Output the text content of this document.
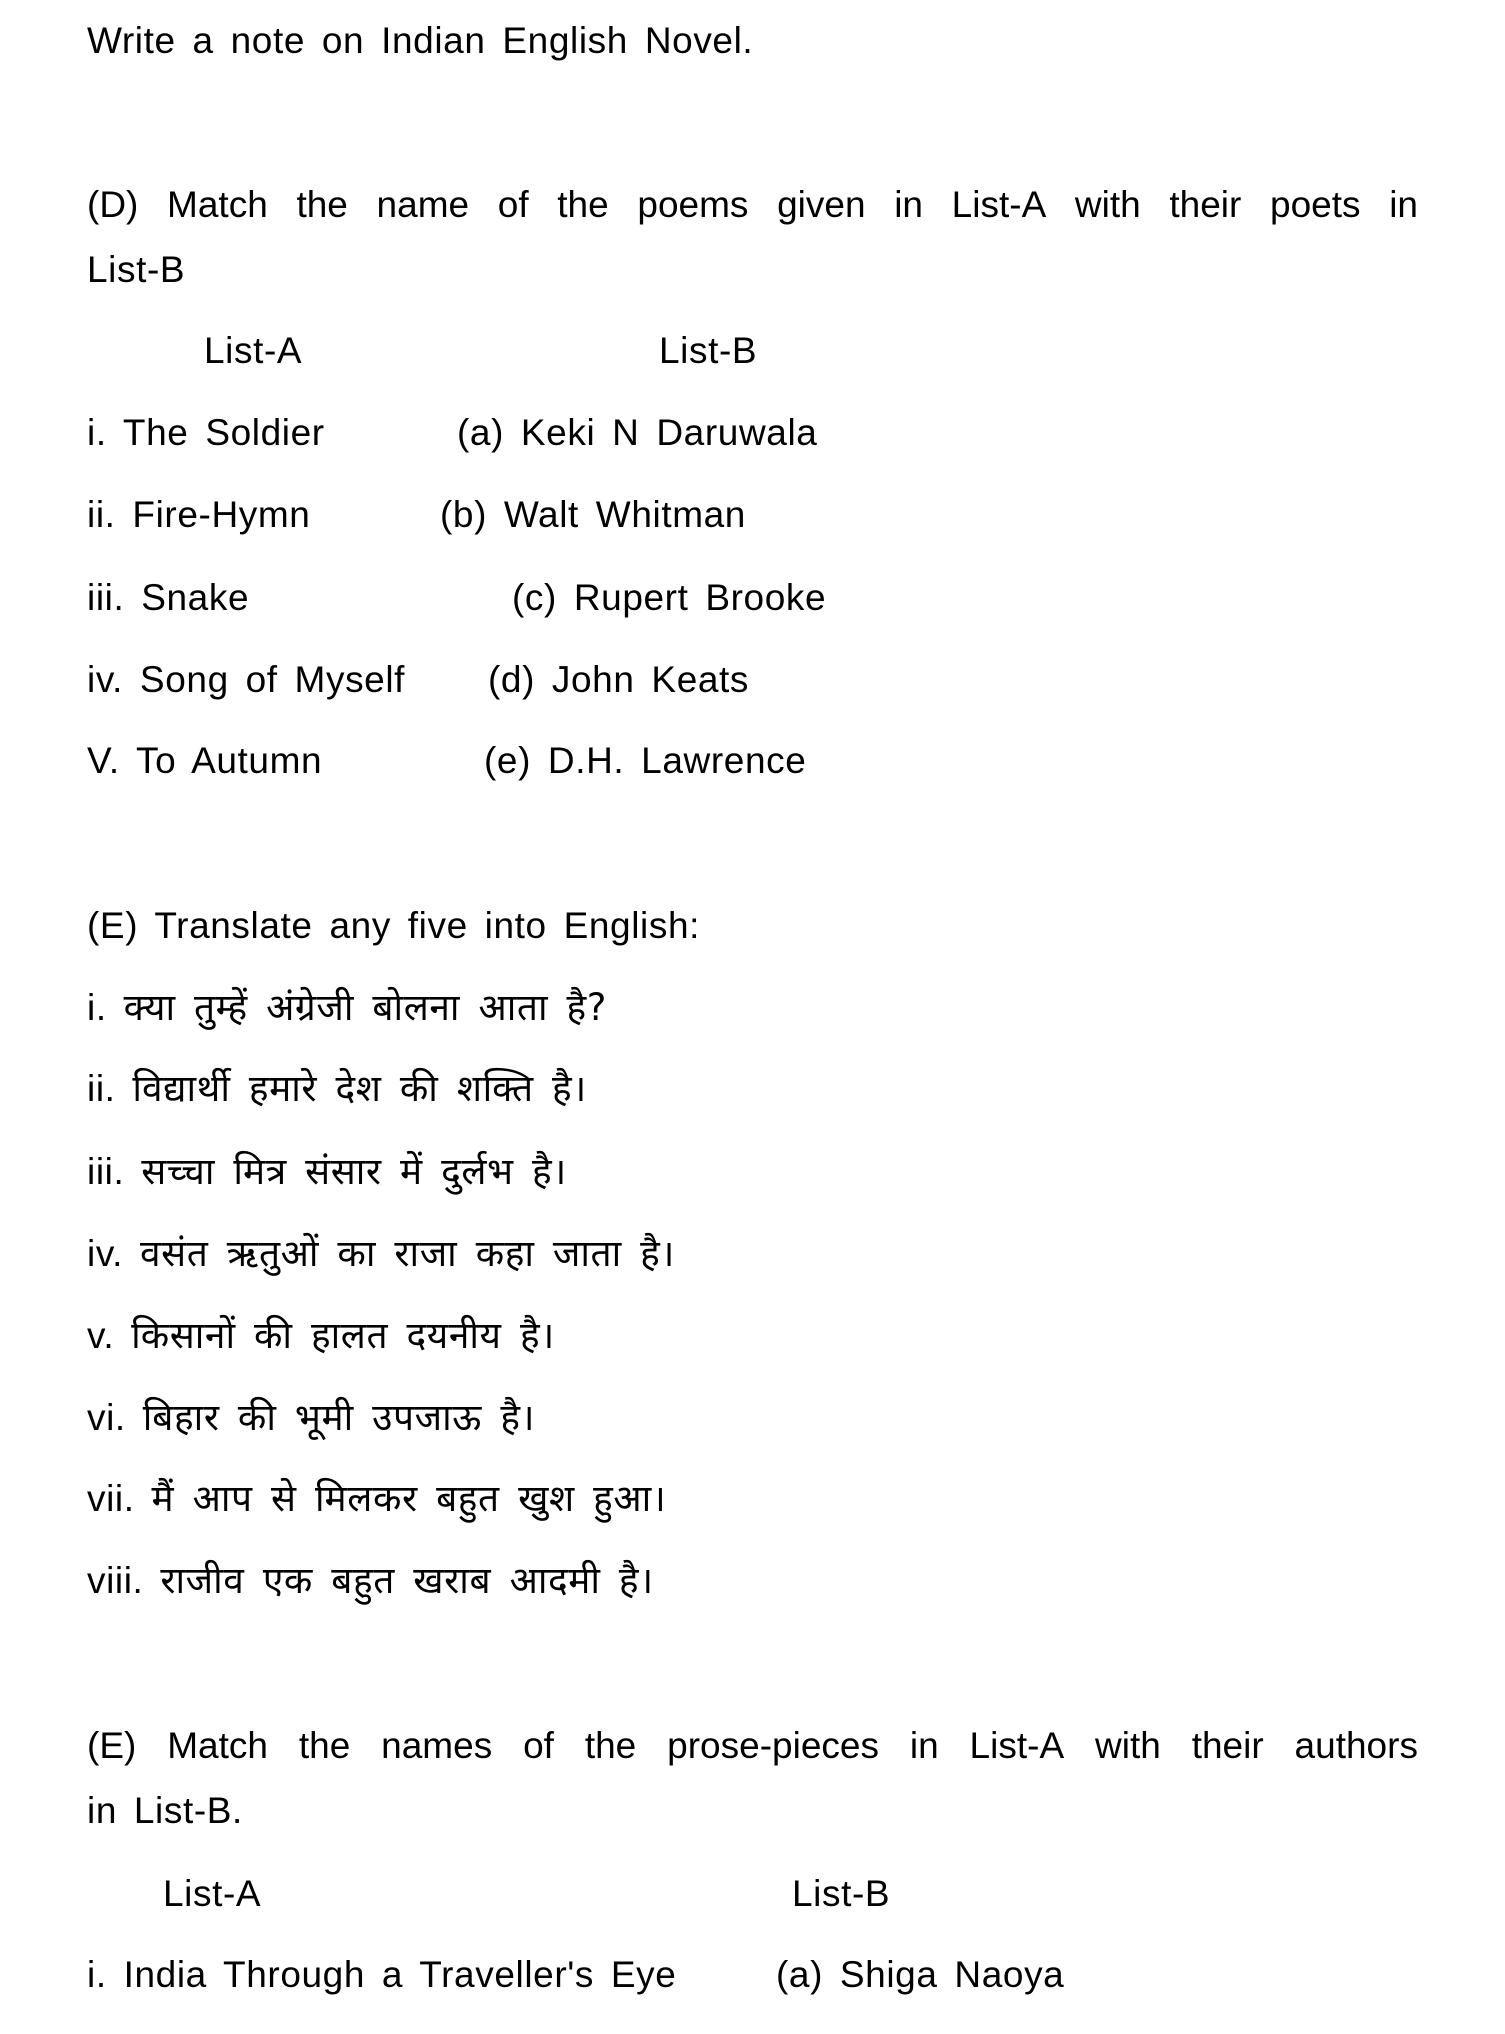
Write a note on Indian English Novel.
(D) Match the name of the poems given in List-A with their poets in
List-B
List-A	List-B
i. The Soldier	(a) Keki N Daruwala
ii. Fire-Hymn	(b) Walt Whitman
iii. Snake	(c) Rupert Brooke
iv. Song of Myself (d) John Keats
V. To Autumn	(e) D.H. Lawrence
(E) Translate any five into English:
i. क्या तुम्हें अंग्रेजी बोलना आता है?
ii. विद्यार्थी हमारे देश की शक्ति है।
iii. सच्चा मित्र संसार में दुर्लभ है।
iv. वसंत ऋतुओं का राजा कहा जाता है।
v. किसानों की हालत दयनीय है।
vi. बिहार की भूमी उपजाऊ है।
vii. मैं आप से मिलकर बहुत खुश हुआ।
viii. राजीव एक बहुत खराब आदमी है।
(E) Match the names of the prose-pieces in List-A with their authors
in List-B.
List-A	List-B
i. India Through a Traveller's Eye	(a) Shiga Naoya
